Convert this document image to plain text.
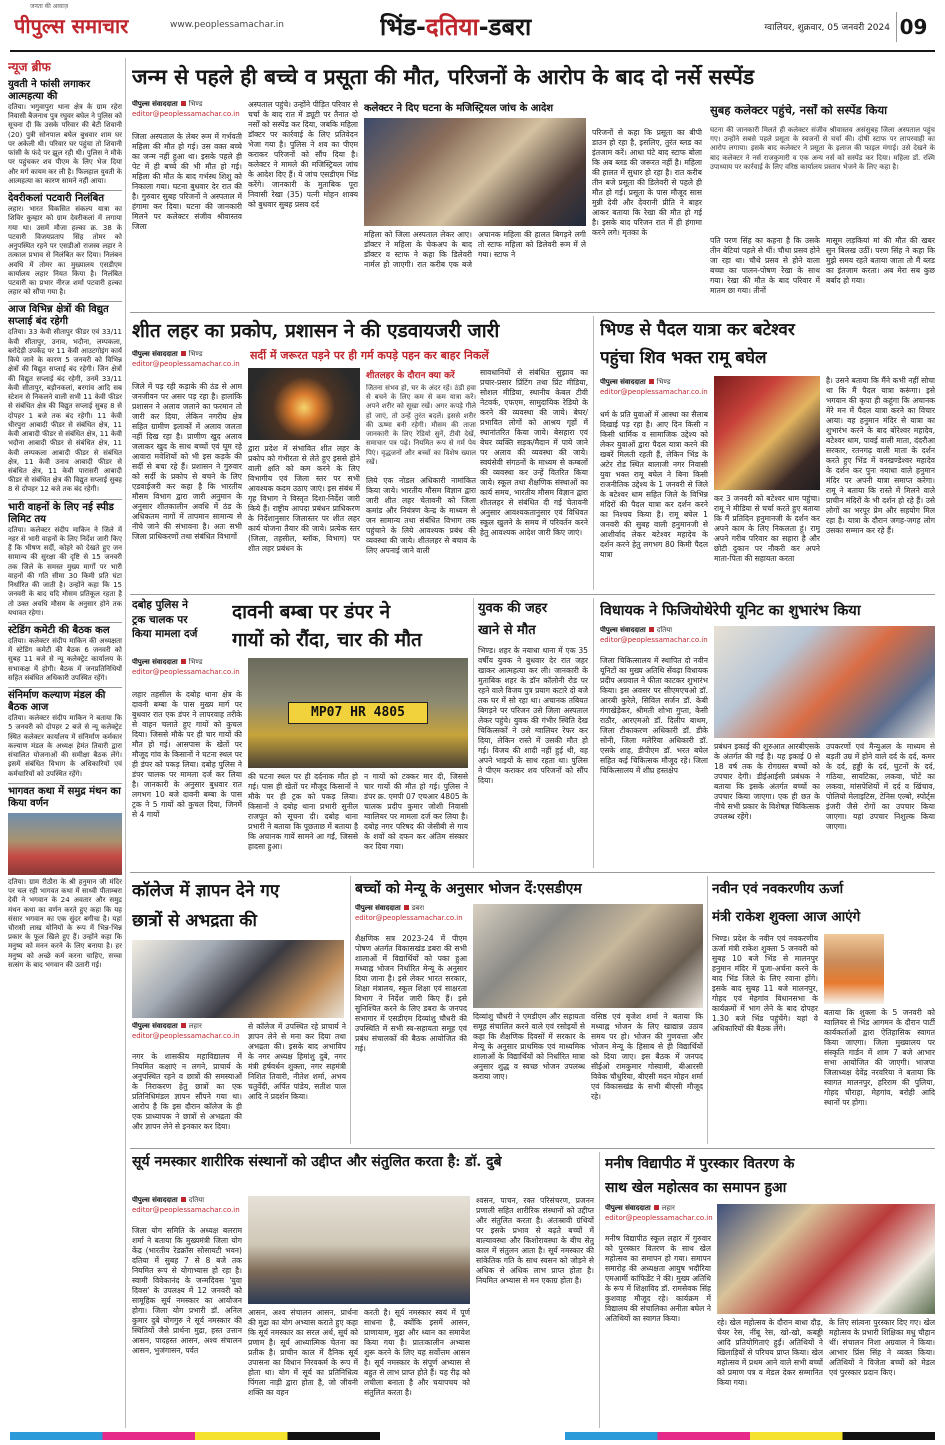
पीपुल्स समाचार
जनता की आवाज़
www.peoplessamachar.in	भिंड-दतिया-डबरा	ग्वालियर, शुक्रवार, 05 जनवरी 2024 09
न्यूज ब्रीफ
युवती ने फांसी लगाकर आत्महत्या की
दतिया। भगुवापुरा थाना क्षेत्र के ग्राम रहेरा निवासी बैजनाथ पुत्र रघुवर बघेल ने पुलिस को सूचना दी कि उसके परिवार की बेटी शिवानी (20) पुत्री सोनपाल बघेल बुधवार शाम घर पर अकेली थी। परिवार घर पहुंचा तो शिवानी फांसी के फंदे पर झूल रही थी। पुलिस ने मौके पर पहुंचकर शव पीएम के लिए भेज दिया और मर्ग कायम कर ली है। फिलहाल युवती के आत्महत्या का कारण सामने नहीं आया।
देवरीकलां पटवारी निलंबित
लहार। भारत विकसित संकल्प यात्रा का शिविर कुम्हार को ग्राम देवरीकलां में लगाया गया था। उसमें मौजा हल्का क्र. 38 के पटवारी विजयप्रताप सिंह तोमर को अनुपस्थित रहने पर एसडीओ राजस्व लहार ने तत्काल प्रभाव से निलंबित कर दिया। निलंबन अवधि में तोमर का मुख्यालय एसडीएम कार्यालय लहार नियत किया है। निलंबित पटवारी का प्रभार नीरज शर्मा पटवारी हल्का लहार को सौंपा गया है।
आज विभिन्न क्षेत्रों की विद्युत सप्लाई बंद रहेगी
दतिया। 33 केवी सीतापुर फीडर एवं 33/11 केवी सीतापुर, उनाव, भदौना, लम्पकला, बरोदेड़ी उपकेंद्र पर 11 केवी आउटगोइंग कार्य किये जाने के कारण 5 जनवरी को विभिन्न क्षेत्रों की विद्युत सप्लाई बंद रहेगी। जिन क्षेत्रों की विद्युत सप्लाई बंद रहेगी, उनमें 33/11 केवी सीतापुर, बड़ौनकलां, बरगांव आदि सब स्टेशन से निकलने वाली सभी 11 केवी फीडर से संबंधित क्षेत्र की विद्युत सप्लाई सुबह 8 से दोपहर 1 बजे तक बंद रहेगी। 11 केवी धीरपुरा आबादी फीडर से संबंधित क्षेत्र, 11 केवी आबादी फीडर से संबंधित क्षेत्र, 11 केवी भदौना आबादी फीडर से संबंधित क्षेत्र, 11 केवी लम्पकला आबादी फीडर से संबंधित क्षेत्र, 11 केवी उनाव आबादी फीडर से संबंधित क्षेत्र, 11 केवी पारासरी आबादी फीडर से संबंधित क्षेत्र की विद्युत सप्लाई सुबह 8 से दोपहर 12 बजे तक बंद रहेगी।
भारी वाहनों के लिए नई स्पीड लिमिट तय
दतिया। कलेक्टर संदीप माकिन ने जिले में नहर से भारी वाहनों के लिए निर्देश जारी किए हैं कि भीषण सर्दी, कोहरे को देखते हुए जन सामान्य की सुरक्षा की दृष्टि से 15 जनवरी तक जिले के समस्त मुख्य मार्गों पर भारी वाहनों की गति सीमा 30 किमी प्रति घंटा निर्धारित की जाती है। उन्होंने कहा कि 15 जनवरी के बाद यदि मौसम प्रतिकूल रहता है तो उक्त अवधि मौसम के अनुसार होने तक यथावत रहेगा।
स्टेडिंग कमेटी की बैठक कल
दतिया। कलेक्टर संदीप माकिन की अध्यक्षता में स्टेडिंग कमेटी की बैठक 6 जनवरी को सुबह 11 बजे से न्यू कलेक्ट्रेट कार्यालय के सभाकक्ष में होगी। बैठक में जनप्रतिनिधियों सहित संबंधित अधिकारी उपस्थित रहेंगे।
संनिर्माण कल्याण मंडल की बैठक आज
दतिया। कलेक्टर संदीप माकिन ने बताया कि 5 जनवरी को दोपहर 2 बजे से न्यू कलेक्ट्रेट स्थित कलेक्टर कार्यालय में संनिर्माण कर्मकार कल्याण मंडल के अध्यक्ष हेमंत तिवारी द्वारा संचालित योजनाओं की समीक्षा बैठक लेंगे। इसमें संबंधित विभाग के अधिकारियों एवं कर्मचारियों को उपस्थित रहेंगे।
भागवत कथा में समुद्र मंथन का किया वर्णन
दतिया। ग्राम रीठौरा के श्री हनुमान जी मंदिर पर चल रही भागवत कथा में साध्वी पीताम्बरा देवी ने भगवान के 24 अवतार और समुद्र मंथन कथा का वर्णन करते हुए कहा कि यह संसार भगवान का एक सुंदर बगीचा है। यहां चौरासी लाख योनियों के रूप में भिन्न-भिन्न प्रकार के फूल खिले हुए हैं। उन्होंने कहा कि मनुष्य को मनन करने के लिए बनाया है। हर मनुष्य को अच्छे कर्म करना चाहिए, सच्चा सत्संग के बाद भगवान की उतारी गई।
जन्म से पहले ही बच्चे व प्रसूता की मौत, परिजनों के आरोप के बाद दो नर्से सस्पेंड
पीपुल्स संवाददाता भिण्ड
editor@peoplessamachar.co.in
जिला अस्पताल के लेबर रूम में गर्भवती महिला की मौत हो गई। उस वक्त बच्चे का जन्म नहीं हुआ था। इसके पहले ही पेट में ही बच्चे की भी मौत हो गई। महिला की मौत के बाद गर्भस्थ शिशु को निकाला गया। घटना बुधवार देर रात की है। गुरुवार सुबह परिजनों ने अस्पताल में हंगामा कर दिया। घटना की जानकारी मिलने पर कलेक्टर संजीव श्रीवास्तव जिला
अस्पताल पहुंचे। उन्होंने पीड़ित परिवार से चर्चा के बाद रात में ड्यूटी पर तैनात दो नर्सों को सस्पेंड कर दिया, जबकि महिला डॉक्टर पर कार्रवाई के लिए प्रतिवेदन भेजा गया है। पुलिस ने शव का पीएम कराकर परिजनों को सौंप दिया है। कलेक्टर ने मामले की मजिस्ट्रियल जांच के आदेश दिए हैं। ये जांच एसडीएम भिंड करेंगे। जानकारी के मुताबिक पूरा निवासी रेखा (35) पत्नी मोहन शाक्य को बुधवार सुबह प्रसव दर्द
कलेक्टर ने दिए घटना के मजिस्ट्रियल जांच के आदेश
महिला को जिला अस्पताल लेकर आए। डॉक्टर ने महिला के चेकअप के बाद डॉक्टर व स्टाफ ने कहा कि डिलेवरी नार्मल हो जाएगी। रात करीब एक बजे अचानक महिला की हालत बिगड़ने लगी तो स्टाफ महिला को डिलेवरी रूम में ले गया। स्टाफ ने
परिजनों से कहा कि प्रसूता का बीपी डाउन हो रहा है, इसलिए, तुरंत ब्लड का इंतजाम करें। आधा घंटे बाद स्टाफ बोला कि अब ब्लड की जरूरत नहीं है। महिला की हालत में सुधार हो रहा है। रात करीब तीन बजे प्रसूता की डिलेवरी से पहले ही मौत हो गई। प्रसूता के पास मौजूद सास मुन्नी देवी और देवरानी प्रीति ने बाहर आकर बताया कि रेखा की मौत हो गई है। इसके बाद परिजन रात में ही हंगामा करने लगे। मृतका के
सुबह कलेक्टर पहुंचे, नर्सों को सस्पेंड किया
घटना की जानकारी मिलते ही कलेक्टर संजीव श्रीवास्तव असंसुबह जिला अस्पताल पहुंच गए। उन्होंने सबसे पहले प्रसूता के स्वजनों से चर्चा की। दोषी स्टाफ पर लापरवाही का आरोप लगाया। इसके बाद कलेक्टर ने प्रसूता के इलाज की फाइल मंगाई। उसे देखने के बाद कलेक्टर ने नर्स राजकुमारी व एक अन्य नर्स को सस्पेंड कर दिया। महिला डॉ. रश्मि उपाध्याय पर कार्रवाई के लिए वरिष्ठ कार्यालय प्रस्ताव भेजने के लिए कहा है।
पति परण सिंह का कहना है कि उसके तीन बेटियां पहले से थीं। चौथा प्रसव होने जा रहा था। चौथे प्रसव से होने वाला बच्चा का पालन-पोषण रेखा के साथ गया। रेखा की मौत के बाद परिवार में मातम छा गया। तीनों
मासूम लड़कियां मां की मौत की खबर सुन बिलख उठीं। परण सिंह ने कहा कि मुझे समय रहते बताया जाता तो मैं ब्लड का इंतजाम करता। अब मेरा सब कुछ बर्बाद हो गया।
शीत लहर का प्रकोप, प्रशासन ने की एडवायजरी जारी
सर्दी में जरूरत पड़ने पर ही गर्म कपड़े पहन कर बाहर निकलें
पीपुल्स संवाददाता भिण्ड
editor@peoplessamachar.co.in
जिले में पड़ रही कड़ाके की ठंड से आम जनजीवन पर असर पड़ रहा है। हालांकि प्रशासन ने अलाव जलाने का फरमान तो जारी कर दिया, लेकिन नगरीय क्षेत्र सहित ग्रामीण इलाकों में अलाव जलता नहीं दिख रहा है। प्राणीण खुद अलाव जलाकर खुद के साथ बच्चों एवं घूम रहे आवारा मवेशियों को भी इस कड़के की सर्दी से बचा रहे हैं। प्रशासन ने गुरुवार को सर्दी के प्रकोप से बचने के लिए एडवाईजरी कर कहा है कि भारतीय मौसम विभाग द्वारा जारी अनुमान के अनुसार शीतकालीन अवधि में ठंड के अधिकतम नागों में तापमान सामान्य से नीचे जाने की संभावना है। अतः सभी जिला प्राधिकरणों तथा संबंधित विभागों
द्वारा प्रदेश में संभावित शीत लहर के प्रकोप को गंभीरता से लेते हुए इससे होने वाली क्षति को कम करने के लिए विभागीय एवं जिला स्तर पर सभी आवश्यक कदम उठाए जाएं। इस संबंध में गृह विभाग ने विस्तृत दिशा-निर्देश जारी किये हैं। राष्ट्रीय आपदा प्रबंधन प्राधिकरण के निर्देशानुसार जिलास्तर पर शीत लहर कार्य योजना तैयार की जाये। प्रत्येक स्तर (जिला, तहसील, ब्लॉक, विभाग) पर शीत लहर प्रबंधन के
शीतलहर के दौरान क्या करें
जितना संभव हो, घर के अंदर रहें। ठंडी हवा से बचने के लिए कम से कम यात्रा करें। अपने शरीर को सूखा रखें। अगर कपड़े गीले हो जाएं, तो उन्हें तुरंत बदलें। इससे शरीर की ऊष्मा बनी रहेगी। मौसम की ताजा जानकारी के लिए रेडियो सुनें, टीवी देखें, समाचार पत्र पढ़ें। नियमित रूप से गर्म पेय पिएं। वृद्धजनों और बच्चों का विशेष ख्याल रखें।
लिये एक नोडल अधिकारी नामांकित किया जाये। भारतीय मौसम विज्ञान द्वारा जारी शीत लहर चेतावनी को जिला कमांड और नियंत्रण केन्द्र के माध्यम से जन सामान्य तथा संबंधित विभाग तक पहुंचाने के लिये आवश्यक प्रबंध की व्यवस्था की जाये। शीतलहर से बचाव के लिए अपनाई जाने वाली
सावधानियों से संबंधित सुझाव का प्रचार-प्रसार प्रिंटिंग तथा प्रिंट मीडिया, सोशल मीडिया, स्थानीय केबल टीवी नेटवर्क, एफएम, सामुदायिक रेडियो के करने की व्यवस्था की जाये। बेघर/प्रभावित लोगों को आश्रय गृहों में स्थानांतरित किया जाये। बेसहारा एवं बेघर व्यक्ति सड़क/मैदान में पाये जाने पर अलाव की व्यवस्था की जाये। स्वयंसेवी संगठनों के माध्यम से कम्बलों की व्यवस्था कर उन्हें वितरित किया जाये। स्कूल तथा शैक्षणिक संस्थाओं का कार्य समय, भारतीय मौसम विज्ञान द्वारा शीतलहर से संबंधित दी गई चेतावनी अनुसार आवश्यकतानुसार एवं विधिवत स्कूल खुलने के समय में परिवर्तन करने हेतु आवश्यक आदेश जारी किए जाएं।
भिण्ड से पैदल यात्रा कर बटेश्वर
पहुंचा शिव भक्त रामू बघेल
पीपुल्स संवाददाता भिण्ड
editor@peoplessamachar.co.in
धर्म के प्रति युवाओं में आस्था का सैलाब दिखाई पड़ रहा है। आए दिन किसी न किसी धार्मिक व सामाजिक उद्देश्य को लेकर युवाओं द्वारा पैदल यात्रा करने की खबरें मिलती रहती हैं, लेकिन भिंड के अटेर रोड स्थित बालाजी नगर निवासी युवा भक्त रामू बघेल ने बिना किसी राजनीतिक उद्देश्य के 1 जनवरी से जिले के बटेश्वर धाम सहित जिले के विभिन्न मंदिरों की पैदल यात्रा कर दर्शन करने का निश्चय किया है। रामू बघेल 1 जनवरी की सुबह वाली हनुमानजी से आशीर्वाद लेकर बटेश्वर महादेव के दर्शन करने हेतु लगभग 80 किमी पैदल यात्रा
कर 3 जनवरी को बटेश्वर धाम पहुंचा। रामू ने मीडिया से चर्चा करते हुए बताया कि मैं प्रतिदिन हनुमानजी के दर्शन कर अपने काम के लिए निकलता हूं। रामू अपने गरीब परिवार का सहारा है और छोटी दुकान पर नौकरी कर अपने माता-पिता की सहायता करता
है। उसने बताया कि मैंने कभी नहीं सोचा था कि मैं पैदल यात्रा करूंगा। इसे भगवान की कृपा ही कहूंगा कि अचानक मेरे मन में पैदल यात्रा करने का विचार आया। वह हनुमान मंदिर से यात्रा का शुभारंभ करने के बाद बोरेश्वर महादेव, बटेश्वर धाम, पावई वाली माता, दंदरौआ सरकार, रतनगढ़ वाली माता के दर्शन करते हुए भिंड में वनखण्डेश्वर महादेव के दर्शन कर पुनः नयाधा वाले हनुमान मंदिर पर अपनी यात्रा समाप्त करेगा। रामू ने बताया कि रास्ते में मिलने वाले प्राचीन मंदिरों के भी दर्शन हो रहे हैं। उसे लोगों का भरपूर प्रेम और सहयोग मिल रहा है। यात्रा के दौरान जगह-जगह लोग उसका सम्मान कर रहे हैं।
दबोह पुलिस ने
ट्रक चालक पर
किया मामला दर्ज
दावनी बम्बा पर डंपर ने
गायों को रौंदा, चार की मौत
पीपुल्स संवाददाता भिण्ड
editor@peoplessamachar.co.in
लहार तहसील के दबोह थाना क्षेत्र के दावनी बम्बा के पास मुख्य मार्ग पर बुधवार रात एक डंपर ने लापरवाह तरीके से वाहन चलाते हुए गायों को कुचल दिया। जिससे मौके पर ही चार गायों की मौत हो गई। आसपास के खेतों पर मौजूद गांव के किसानों ने घटना स्थल पर ही डंपर को पकड़ लिया। दबोह पुलिस ने डंपर चालक पर मामला दर्ज कर लिया है। जानकारी के अनुसार बुधवार रात लगभग 10 बजे दावनी बम्बा के पास ट्रक ने 5 गायों को कुचल दिया, जिनमें से 4 गायों
MP07 HR 4805
की घटना स्थल पर ही दर्दनाक मौत हो गई। पास ही खेतों पर मौजूद किसानों ने मौके पर ही ट्रक को पकड़ लिया। किसानों ने दबोह थाना प्रभारी सुनील राजपूत को सूचना दी। दबोह थाना प्रभारी ने बताया कि पूछताछ में बताया है कि अचानक गायें सामने आ गईं, जिससे हादसा हुआ।
न गायों को टक्कर मार दी, जिससे चार गायों की मौत हो गई। पुलिस ने डंपर क्र. एमपी 07 एचआर 4805 के चालक प्रदीप कुमार जोशी निवासी ग्वालियर पर मामला दर्ज कर लिया है। दबोह नगर परिषद की जेसीबी से गाय के शवों को दफन कर अंतिम संस्कार कर दिया गया।
युवक की जहर
खाने से मौत
भिण्ड। शहर के नयाधा थाना में एक 35 वर्षीय युवक ने बुधवार देर रात जहर खाकर आत्महत्या कर ली। जानकारी के मुताबिक शहर के डॉन कॉलोनी रोड पर रहने वाले विजय पुत्र प्रयाग कटारे दो बजे तक घर में सो रहा था। अचानक तबियत बिगड़ने पर परिजन उसे जिला अस्पताल लेकर पहुंचे। युवक की गंभीर स्थिति देख चिकित्सकों ने उसे ग्वालियर रेफर कर दिया, लेकिन रास्ते में उसकी मौत हो गई। विजय की शादी नहीं हुई थी, वह अपने भाइयों के साथ रहता था। पुलिस ने पीएम कराकर शव परिजनों को सौंप दिया।
विधायक ने फिजियोथेरेपी यूनिट का शुभारंभ किया
पीपुल्स संवाददाता दतिया
editor@peoplessamachar.co.in
जिला चिकित्सालय में स्थापित दो नवीन यूनिटों का मुख्य अतिथि सेंवढ़ा विधायक प्रदीप अग्रवाल ने फीता काटकर शुभारंभ किया। इस अवसर पर सीएमएचओ डॉ. आरबी कुरेले, सिविल सर्जन डॉ. केबी गंगाखेड़ेकर, श्रीमती शोभा गुप्ता, केसी राठौर, आरएमओ डॉ. दिलीप बाथम, जिला टीकाकरण अधिकारी डॉ. डीके सोनी, जिला मलेरिया अधिकारी डॉ. एसके शाह, डीपीएम डॉ. भरत बघेल सहित कई चिकित्सक मौजूद रहे। जिला चिकित्सालय में शीघ्र हस्तक्षेप
प्रबंधन इकाई की शुरुआत आरबीएसके के अंतर्गत की गई है। यह इकाई 0 से 18 वर्ष तक के रोगग्रस्त बच्चों को उपचार देगी। डीईआईसी प्रबंधक ने बताया कि इसके अंतर्गत बच्चों का उपचार किया जाएगा। एक ही छत के नीचे सभी प्रकार के विशेषज्ञ चिकित्सक उपलब्ध रहेंगे।
उपकरणों एवं मैन्युअल के माध्यम से बड़ती उम्र में होने वाले दर्द के दर्द, कमर के दर्द, हड्डी के दर्द, घुटनों के दर्द, गठिया, सायटिका, लकवा, चोटें का लकवा, मांसपेशियों में दर्द व खिंचाव, पोलियो मेलाइटिस, टेनिस एल्बो, स्पोर्ट्स इंजरी जैसे रोगों का उपचार किया जाएगा। यहां उपचार निशुल्क किया जाएगा।
कॉलेज में ज्ञापन देने गए
छात्रों से अभद्रता की
पीपुल्स संवाददाता लहार
editor@peoplessamachar.co.in
नगर के शासकीय महाविद्यालय में नियमित कक्षाएं न लगने, प्राचार्य के अनुपस्थित रहने व छात्रों की समस्याओं के निराकरण हेतु छात्रों का एक प्रतिनिधिमंडल ज्ञापन सौंपने गया था। आरोप है कि इस दौरान कॉलेज के ही एक प्राध्यापक ने छात्रों से अभद्रता की और ज्ञापन लेने से इनकार कर दिया।
से कॉलेज में उपस्थित रहे प्राचार्य ने ज्ञापन लेने से मना कर दिया तथा अभद्रता की। इसके बाद अभाविप के नगर अध्यक्ष हिमांशु दुबे, नगर मंत्री हर्षवर्धन शुक्ला, नगर सहमंत्री निशित तिवारी, नीतेश शर्मा, अभय चतुर्वेदी, अर्पित पांडेय, सतीश पाल आदि ने प्रदर्शन किया।
बच्चों को मेन्यू के अनुसार भोजन दें:एसडीएम
पीपुल्स संवाददाता डबरा
editor@peoplessamachar.co.in
शैक्षणिक सत्र 2023-24 में पीएम पोषण अंतर्गत विकासखंड डबरा की सभी शालाओं में विद्यार्थियों को पका हुआ मध्याह्न भोजन निर्धारित मेन्यू के अनुसार दिया जाना है। इसे लेकर भारत सरकार, शिक्षा मंत्रालय, स्कूल शिक्षा एवं साक्षरता विभाग ने निर्देश जारी किए हैं। इसे सुनिश्चित करने के लिए डबरा के जनपद सभागार में एसडीएम दिव्यांशु चौधरी की उपस्थिति में सभी स्व-सहायता समूह एवं प्रबंध संचालकों की बैठक आयोजित की गई।
दिव्यांशु चौधरी ने एमडीएम और सहायता समूह संचालित करने वाले एवं रसोइयों से कहा कि शैक्षणिक दिवसों में सरकार के मेन्यू के अनुसार प्राथमिक एवं माध्यमिक शालाओं के विद्यार्थियों को निर्धारित मात्रा अनुसार शुद्ध व स्वच्छ भोजन उपलब्ध कराया जाए।
वसिष्ठ एवं बृजेश शर्मा ने बताया कि मध्याह्न भोजन के लिए खाद्यान्न उठाव समय पर हो। भोजन की गुणवत्ता और भोजन मेन्यू के हिसाब से ही विद्यार्थियों को दिया जाए। इस बैठक में जनपद सीईओ रामकुमार गोस्वामी, बीआरसी विवेक चौधुरिया, बीएसी मदन मोहन शर्मा एवं विकासखंड के सभी बीएसी मौजूद रहे।
नवीन एवं नवकरणीय ऊर्जा
मंत्री राकेश शुक्ला आज आएंगे
भिण्ड। प्रदेश के नवीन एवं नवकरणीय ऊर्जा मंत्री राकेश शुक्ला 5 जनवरी को सुबह 10 बजे भिंड से मालनपुर हनुमान मंदिर में पूजा-अर्चना करने के बाद भिंड जिले के लिए रवाना होंगे। इसके बाद सुबह 11 बजे मालनपुर, गोहद एवं मेहगांव विधानसभा के कार्यक्रमों में भाग लेने के बाद दोपहर 1.30 बजे भिंड पहुंचेंगे। यहां वे अधिकारियों की बैठक लेंगे।
बताया कि शुक्ला के 5 जनवरी को ग्वालियर से भिंड आगमन के दौरान पार्टी कार्यकर्ताओं द्वारा ऐतिहासिक स्वागत किया जाएगा। जिला मुख्यालय पर संस्कृति गार्डन में शाम 7 बजे आभार सभा आयोजित की जाएगी। भाजपा जिलाध्यक्ष देवेंद्र नरवरिया ने बताया कि स्वागत मालनपुर, हरिराम की पुलिया, गोहद चौराहा, मेहगांव, बरोही आदि स्थानों पर होगा।
सूर्य नमस्कार शारीरिक संस्थानों को उद्दीप्त और संतुलित करता है: डॉ. दुबे
पीपुल्स संवाददाता दतिया
editor@peoplessamachar.co.in
जिला योग समिति के अध्यक्ष बलराम शर्मा ने बताया कि मुख्यमंत्री जिला योग केंद्र (भारतीय रेडक्रॉस सोसायटी भवन) दतिया में सुबह 7 से 8 बजे तक नियमित रूप से योगाभ्यास हो रहा है। स्वामी विवेकानंद के जन्मदिवस 'युवा दिवस' के उपलक्ष्य में 12 जनवरी को सामूहिक सूर्य नमस्कार का आयोजन होगा। जिला योग प्रभारी डॉ. अनिल कुमार दुबे योगगुरु ने सूर्य नमस्कार की स्थितियों जैसे प्रार्थना मुद्रा, हस्त उत्तान आसन, पादहस्त आसन, अश्व संचालन आसन, भुजंगासन, पर्वत
आसन, अश्व संचालन आसन, प्रार्थना की मुद्रा का योग अभ्यास कराते हुए कहा कि सूर्य नमस्कार का सरल अर्थ, सूर्य को प्रणाम है। सूर्य आध्यात्मिक चेतना का प्रतीक है। प्राचीन काल में दैनिक सूर्य उपासना का विधान निरवकर्म के रूप में होता था। योग में सूर्य का प्रतिनिधित्व पिंगला नाड़ी द्वारा होता है, जो जीवनी शक्ति का वहन
करती है। सूर्य नमस्कार स्वयं में पूर्ण साधना है, क्योंकि इसमें आसन, प्राणायाम, मुद्रा और ध्यान का समावेश किया गया है। प्रातःकालीन अभ्यास शुरू करने के लिए यह सर्वोत्तम आसन है। सूर्य नमस्कार के संपूर्ण अभ्यास से बहुत से लाभ प्राप्त होते हैं। यह रीढ़ को लचीला बनाता है और चयापचय को संतुलित करता है।
श्वसन, पाचन, रक्त परिसंचरण, प्रजनन प्रणाली सहित शारीरिक संस्थानों को उद्दीप्त और संतुलित करता है। अंतःस्रावी ग्रंथियों पर इसके प्रभाव से बढ़ते बच्चों में बाल्यावस्था और किशोरावस्था के बीच सेतु काल में संतुलन आता है। सूर्य नमस्कार की सांकेतिक गति के साथ स्वसन को जोड़ने से अधिक से अधिक लाभ प्राप्त होता है। नियमित अभ्यास से मन एकाग्र होता है।
मनीष विद्यापीठ में पुरस्कार वितरण के
साथ खेल महोत्सव का समापन हुआ
पीपुल्स संवाददाता लहार
editor@peoplessamachar.co.in
मनीष विद्यापीठ स्कूल लहार में गुरुवार को पुरस्कार वितरण के साथ खेल महोत्सव का समापन हो गया। समापन समारोह की अध्यक्षता आयुष भदौरिया एमआर्मी कांफिडेंट ने की। मुख्य अतिथि के रूप में शिक्षाविद डॉ. रामसेवक सिंह कुशवाह मौजूद रहे। कार्यक्रम में विद्यालय की संचालिका अनीता बघेल ने अतिथियों का स्वागत किया।	रहे। खेल महोत्सव के दौरान बाधा दौड़, चेयर रेस, नींबू रेस, खो-खो, कबड्डी आदि प्रतियोगिताएं हुईं। अतिथियों ने खिलाड़ियों से परिचय प्राप्त किया। खेल महोत्सव में प्रथम आने वाले सभी बच्चों को प्रमाण पत्र व मेडल देकर सम्मानित किया गया।
के लिए सांत्वना पुरस्कार दिए गए। खेल महोत्सव के प्रभारी शिक्षिका मधु चौहान थीं। संचालन निशा अग्रवाल ने किया। आभार प्रिंस सिंह ने व्यक्त किया। अतिथियों ने विजेता बच्चों को मेडल एवं पुरस्कार प्रदान किए।
